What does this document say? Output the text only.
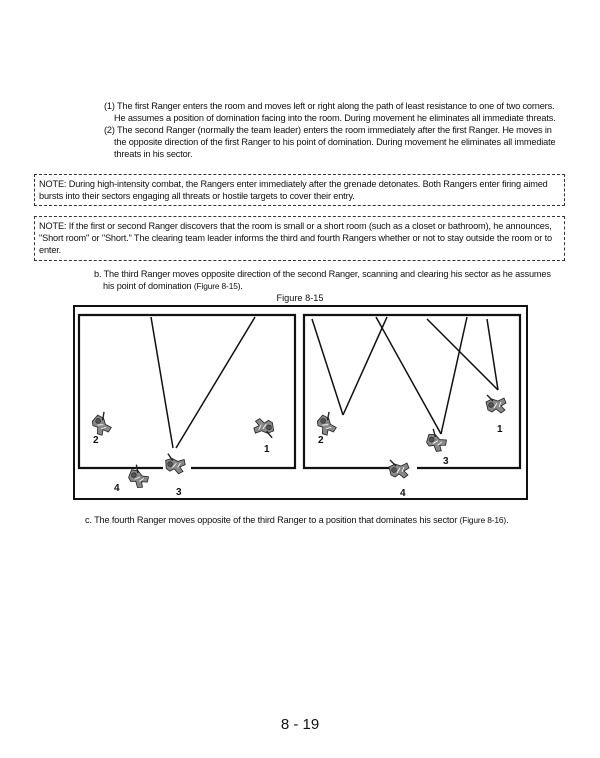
(1) The first Ranger enters the room and moves left or right along the path of least resistance to one of two corners.
He assumes a position of domination facing into the room. During movement he eliminates all immediate threats.

(2) The second Ranger (normally the team leader) enters the room immediately after the first Ranger. He moves in
the opposite direction of the first Ranger to his point of domination. During movement he eliminates all immediate
threats in his sector.

NOTE: During high-intensity combat, the Rangers enter immediately after the grenade detonates. Both Rangers enter firing aimed
bursts into their sectors engaging all threats or hostile targets to cover their entry.
NOTE: If the first or second Ranger discovers that the room is small or a short room (such as a closet or bathroom), he announces,
"Short room" or "Short." The clearing team leader informs the third and fourth Rangers whether or not to stay outside the room or to
enter.

b. The third Ranger moves opposite direction of the second Ranger, scanning and clearing his sector as he assumes
his point of domination (Figure 8-15).

Figure 8-15
2
1
4	3
2
1
3
4

c. The fourth Ranger moves opposite of the third Ranger to a position that dominates his sector (Figure 8-16).

8 - 19
